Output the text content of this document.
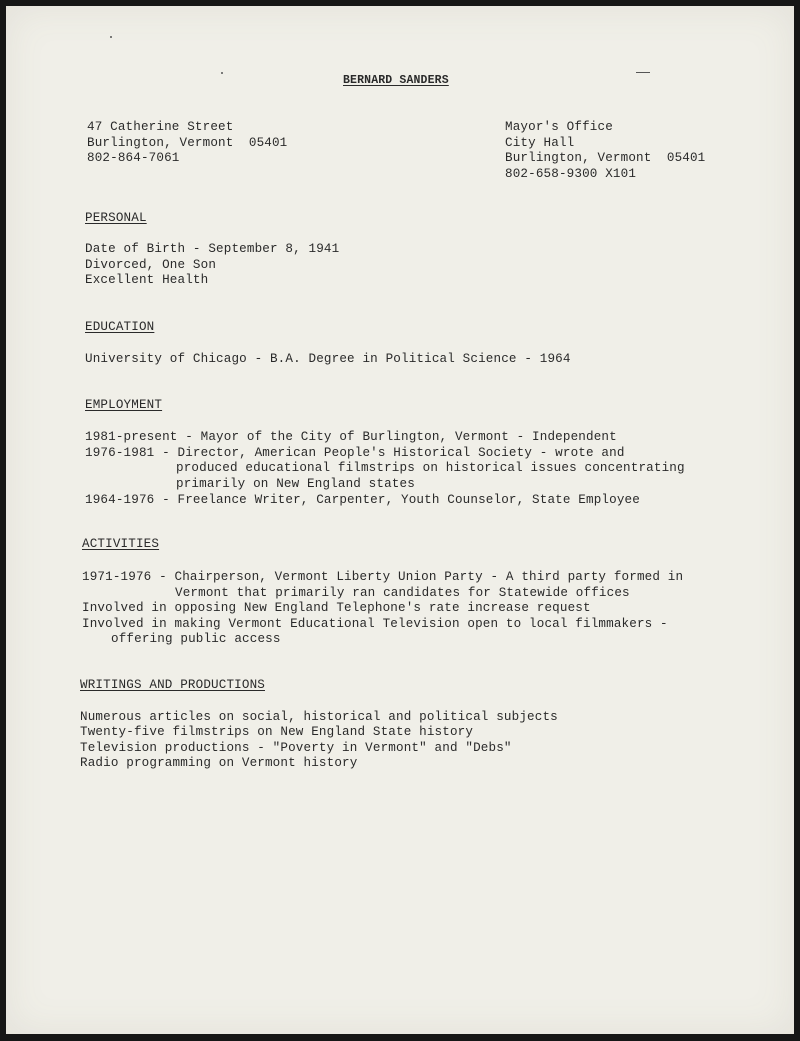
BERNARD SANDERS
47 Catherine Street
Burlington, Vermont  05401
802-864-7061
Mayor's Office
City Hall
Burlington, Vermont  05401
802-658-9300 X101
PERSONAL
Date of Birth - September 8, 1941
Divorced, One Son
Excellent Health
EDUCATION
University of Chicago - B.A. Degree in Political Science - 1964
EMPLOYMENT
1981-present - Mayor of the City of Burlington, Vermont - Independent
1976-1981 - Director, American People's Historical Society - wrote and
produced educational filmstrips on historical issues concentrating
primarily on New England states
1964-1976 - Freelance Writer, Carpenter, Youth Counselor, State Employee
ACTIVITIES
1971-1976 - Chairperson, Vermont Liberty Union Party - A third party formed in
Vermont that primarily ran candidates for Statewide offices
Involved in opposing New England Telephone's rate increase request
Involved in making Vermont Educational Television open to local filmmakers -
offering public access
WRITINGS AND PRODUCTIONS
Numerous articles on social, historical and political subjects
Twenty-five filmstrips on New England State history
Television productions - "Poverty in Vermont" and "Debs"
Radio programming on Vermont history
